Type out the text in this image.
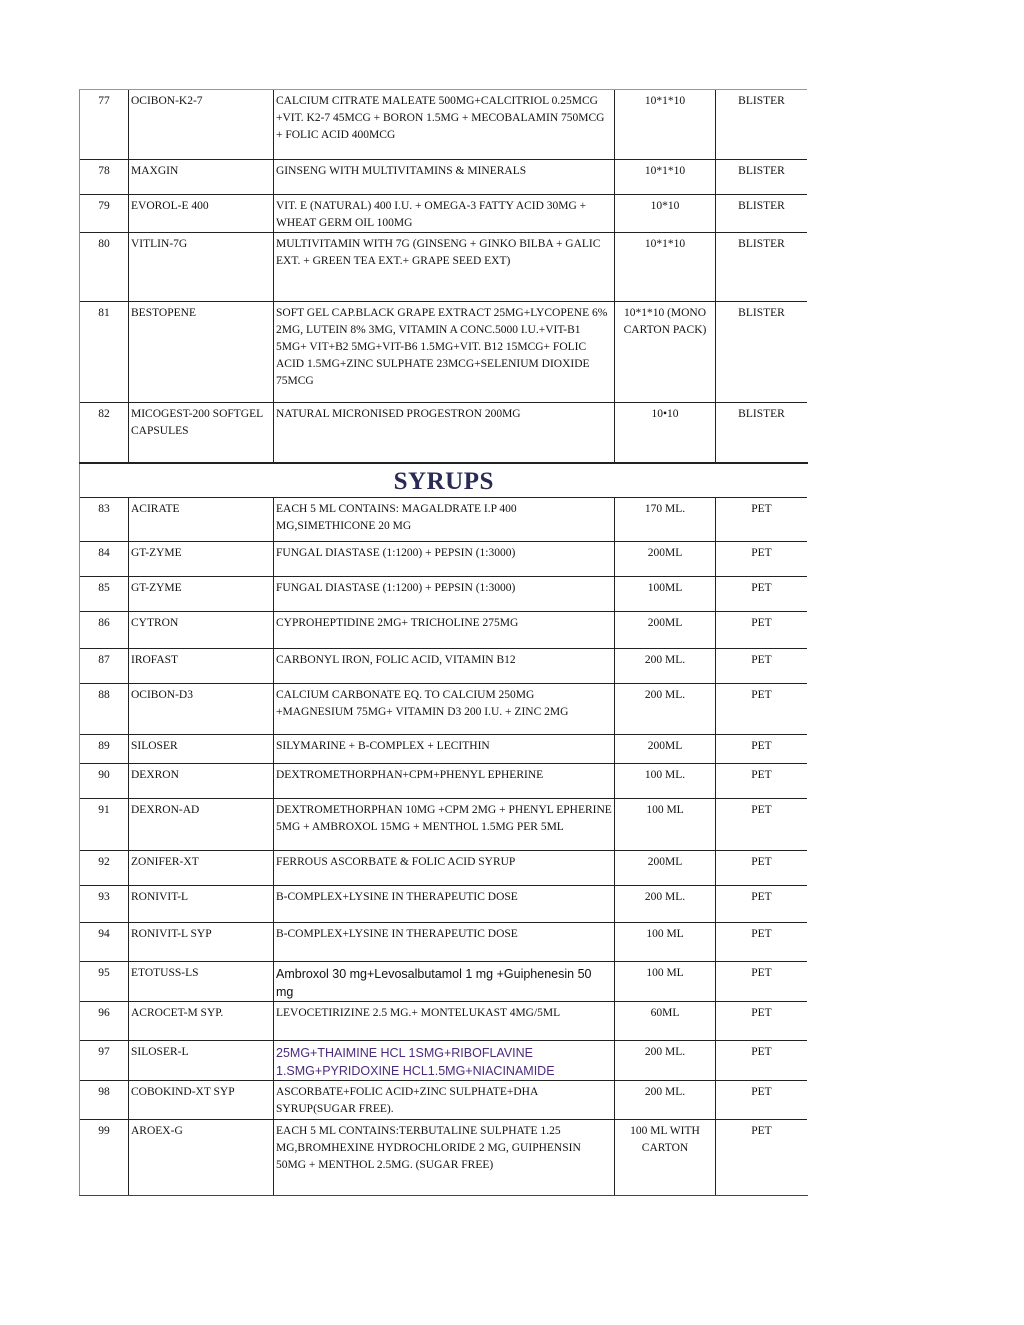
77	OCIBON-K2-7	CALCIUM CITRATE MALEATE 500MG+CALCITRIOL 0.25MCG +VIT. K2-7 45MCG + BORON 1.5MG + MECOBALAMIN 750MCG + FOLIC ACID 400MCG	10*1*10	BLISTER
78	MAXGIN	GINSENG WITH MULTIVITAMINS & MINERALS	10*1*10	BLISTER
79	EVOROL-E 400	VIT. E (NATURAL) 400 I.U. + OMEGA-3 FATTY ACID 30MG + WHEAT GERM OIL 100MG	10*10	BLISTER
80	VITLIN-7G	MULTIVITAMIN WITH 7G (GINSENG + GINKO BILBA + GALIC EXT. + GREEN TEA EXT.+ GRAPE SEED EXT)	10*1*10	BLISTER
81	BESTOPENE	SOFT GEL CAP.BLACK GRAPE EXTRACT 25MG+LYCOPENE 6% 2MG, LUTEIN 8% 3MG, VITAMIN A CONC.5000 I.U.+VIT-B1 5MG+ VIT+B2 5MG+VIT-B6 1.5MG+VIT. B12 15MCG+ FOLIC ACID 1.5MG+ZINC SULPHATE 23MCG+SELENIUM DIOXIDE 75MCG	10*1*10 (MONO CARTON PACK)	BLISTER
82	MICOGEST-200 SOFTGEL CAPSULES	NATURAL MICRONISED PROGESTRON 200MG	10•10	BLISTER
SYRUPS				
83	ACIRATE	EACH 5 ML CONTAINS: MAGALDRATE I.P 400 MG,SIMETHICONE 20 MG	170 ML.	PET
84	GT-ZYME	FUNGAL DIASTASE (1:1200) + PEPSIN (1:3000)	200ML	PET
85	GT-ZYME	FUNGAL DIASTASE (1:1200) + PEPSIN (1:3000)	100ML	PET
86	CYTRON	CYPROHEPTIDINE 2MG+ TRICHOLINE 275MG	200ML	PET
87	IROFAST	CARBONYL IRON, FOLIC ACID, VITAMIN B12	200 ML.	PET
88	OCIBON-D3	CALCIUM CARBONATE EQ. TO CALCIUM 250MG +MAGNESIUM 75MG+ VITAMIN D3 200 I.U. + ZINC 2MG	200 ML.	PET
89	SILOSER	SILYMARINE + B-COMPLEX + LECITHIN	200ML	PET
90	DEXRON	DEXTROMETHORPHAN+CPM+PHENYL EPHERINE	100 ML.	PET
91	DEXRON-AD	DEXTROMETHORPHAN 10MG +CPM 2MG + PHENYL EPHERINE 5MG + AMBROXOL 15MG + MENTHOL 1.5MG PER 5ML	100 ML	PET
92	ZONIFER-XT	FERROUS ASCORBATE & FOLIC ACID SYRUP	200ML	PET
93	RONIVIT-L	B-COMPLEX+LYSINE IN THERAPEUTIC DOSE	200 ML.	PET
94	RONIVIT-L SYP	B-COMPLEX+LYSINE IN THERAPEUTIC DOSE	100 ML	PET
95	ETOTUSS-LS	Ambroxol 30 mg+Levosalbutamol 1 mg +Guiphenesin 50 mg	100 ML	PET
96	ACROCET-M SYP.	LEVOCETIRIZINE 2.5 MG.+ MONTELUKAST 4MG/5ML	60ML	PET
97	SILOSER-L	25MG+THAIMINE HCL 1SMG+RIBOFLAVINE 1.SMG+PYRIDOXINE HCL1.5MG+NIACINAMIDE	200 ML.	PET
98	COBOKIND-XT SYP	ASCORBATE+FOLIC ACID+ZINC SULPHATE+DHA SYRUP(SUGAR FREE).	200 ML.	PET
99	AROEX-G	EACH 5 ML CONTAINS:TERBUTALINE SULPHATE 1.25 MG,BROMHEXINE HYDROCHLORIDE 2 MG, GUIPHENSIN 50MG + MENTHOL 2.5MG. (SUGAR FREE)	100 ML WITH CARTON	PET
